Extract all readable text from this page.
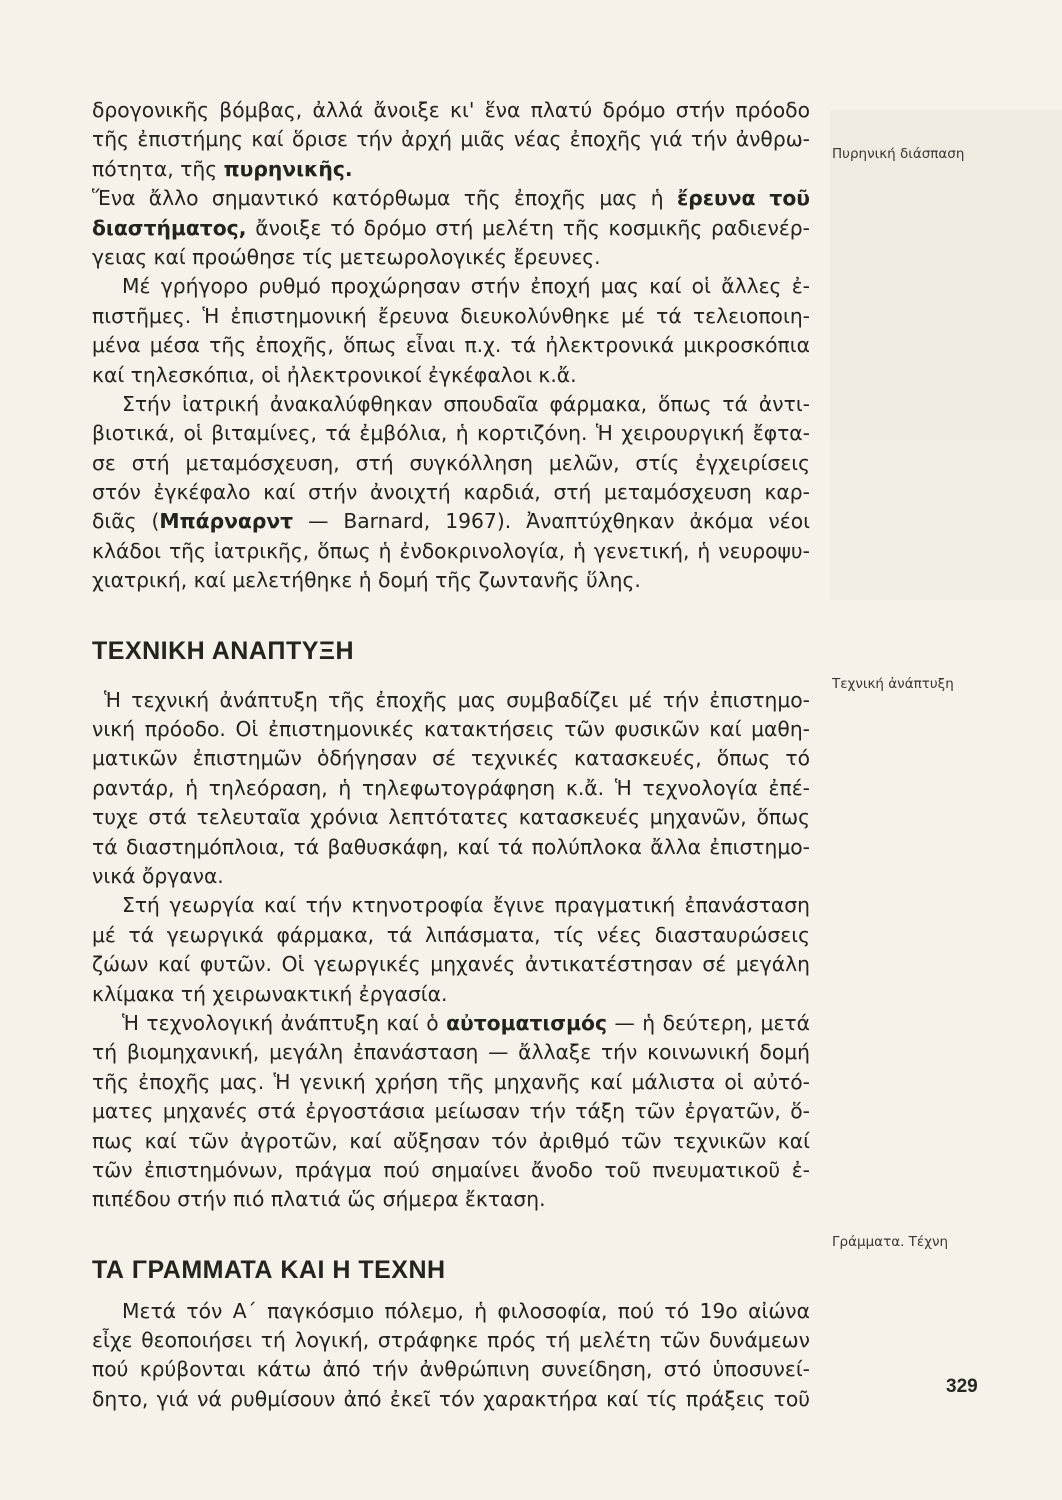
δρογονικῆς βόμβας, ἀλλά ἄνοιξε κι' ἕνα πλατύ δρόμο στήν πρόοδο
τῆς ἐπιστήμης καί ὅρισε τήν ἀρχή μιᾶς νέας ἐποχῆς γιά τήν ἀνθρω-
πότητα, τῆς πυρηνικῆς.
Ἕνα ἄλλο σημαντικό κατόρθωμα τῆς ἐποχῆς μας ἡ ἔρευνα τοῦ
διαστήματος, ἄνοιξε τό δρόμο στή μελέτη τῆς κοσμικῆς ραδιενέρ-
γειας καί προώθησε τίς μετεωρολογικές ἔρευνες.
Μέ γρήγορο ρυθμό προχώρησαν στήν ἐποχή μας καί οἱ ἄλλες ἐ-
πιστῆμες. Ἡ ἐπιστημονική ἔρευνα διευκολύνθηκε μέ τά τελειοποιη-
μένα μέσα τῆς ἐποχῆς, ὅπως εἶναι π.χ. τά ἠλεκτρονικά μικροσκόπια
καί τηλεσκόπια, οἱ ἠλεκτρονικοί ἐγκέφαλοι κ.ἄ.
Στήν ἰατρική ἀνακαλύφθηκαν σπουδαῖα φάρμακα, ὅπως τά ἀντι-
βιοτικά, οἱ βιταμίνες, τά ἐμβόλια, ἡ κορτιζόνη. Ἡ χειρουργική ἔφτα-
σε στή μεταμόσχευση, στή συγκόλληση μελῶν, στίς ἐγχειρίσεις
στόν ἐγκέφαλο καί στήν ἀνοιχτή καρδιά, στή μεταμόσχευση καρ-
διᾶς (Μπάρναρντ — Barnard, 1967). Ἀναπτύχθηκαν ἀκόμα νέοι
κλάδοι τῆς ἰατρικῆς, ὅπως ἡ ἐνδοκρινολογία, ἡ γενετική, ἡ νευροψυ-
χιατρική, καί μελετήθηκε ἡ δομή τῆς ζωντανῆς ὕλης.
ΤΕΧΝΙΚΗ ΑΝΑΠΤΥΞΗ
Ἡ τεχνική ἀνάπτυξη τῆς ἐποχῆς μας συμβαδίζει μέ τήν ἐπιστημο-
νική πρόοδο. Οἱ ἐπιστημονικές κατακτήσεις τῶν φυσικῶν καί μαθη-
ματικῶν ἐπιστημῶν ὁδήγησαν σέ τεχνικές κατασκευές, ὅπως τό
ραντάρ, ἡ τηλεόραση, ἡ τηλεφωτογράφηση κ.ἄ. Ἡ τεχνολογία ἐπέ-
τυχε στά τελευταῖα χρόνια λεπτότατες κατασκευές μηχανῶν, ὅπως
τά διαστημόπλοια, τά βαθυσκάφη, καί τά πολύπλοκα ἄλλα ἐπιστημο-
νικά ὄργανα.
Στή γεωργία καί τήν κτηνοτροφία ἔγινε πραγματική ἐπανάσταση
μέ τά γεωργικά φάρμακα, τά λιπάσματα, τίς νέες διασταυρώσεις
ζώων καί φυτῶν. Οἱ γεωργικές μηχανές ἀντικατέστησαν σέ μεγάλη
κλίμακα τή χειρωνακτική ἐργασία.
Ἡ τεχνολογική ἀνάπτυξη καί ὁ αὐτοματισμός — ἡ δεύτερη, μετά
τή βιομηχανική, μεγάλη ἐπανάσταση — ἄλλαξε τήν κοινωνική δομή
τῆς ἐποχῆς μας. Ἡ γενική χρήση τῆς μηχανῆς καί μάλιστα οἱ αὐτό-
ματες μηχανές στά ἐργοστάσια μείωσαν τήν τάξη τῶν ἐργατῶν, ὅ-
πως καί τῶν ἀγροτῶν, καί αὔξησαν τόν ἀριθμό τῶν τεχνικῶν καί
τῶν ἐπιστημόνων, πράγμα πού σημαίνει ἄνοδο τοῦ πνευματικοῦ ἐ-
πιπέδου στήν πιό πλατιά ὥς σήμερα ἔκταση.
ΤΑ ΓΡΑΜΜΑΤΑ ΚΑΙ Η ΤΕΧΝΗ
Μετά τόν Α΄ παγκόσμιο πόλεμο, ἡ φιλοσοφία, πού τό 19ο αἰώνα
εἶχε θεοποιήσει τή λογική, στράφηκε πρός τή μελέτη τῶν δυνάμεων
πού κρύβονται κάτω ἀπό τήν ἀνθρώπινη συνείδηση, στό ὑποσυνεί-
δητο, γιά νά ρυθμίσουν ἀπό ἐκεῖ τόν χαρακτήρα καί τίς πράξεις τοῦ
Πυρηνική διάσπαση
Τεχνική ἀνάπτυξη
Γράμματα. Τέχνη
329
